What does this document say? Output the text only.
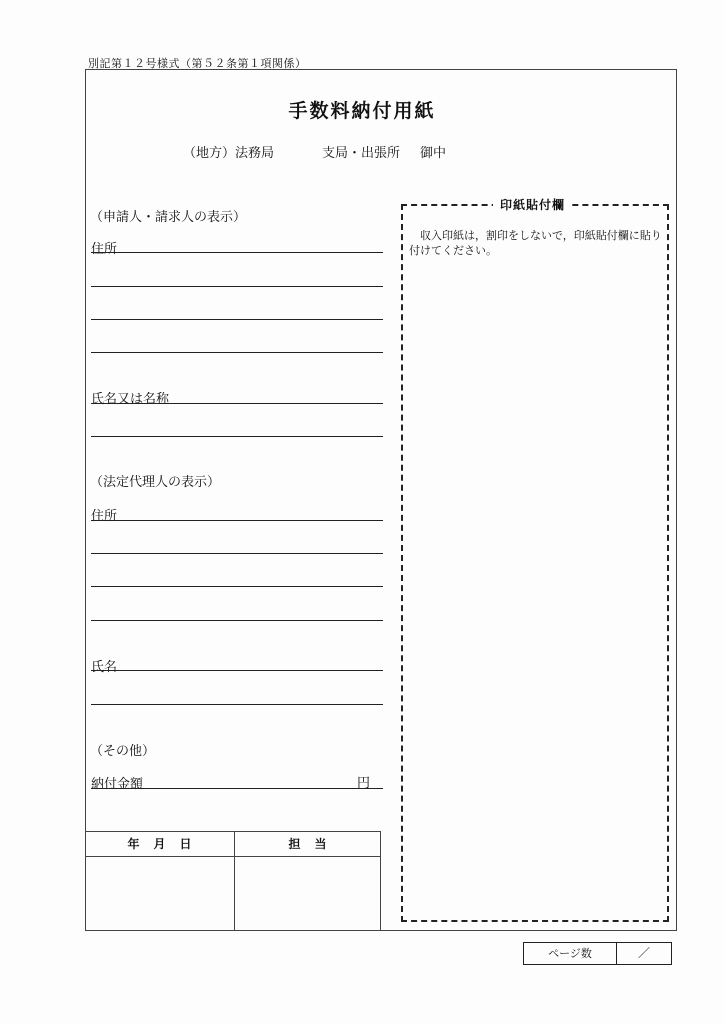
別記第１２号様式（第５２条第１項関係）
手数料納付用紙
（地方）法務局	支局・出張所 御中
（申請人・請求人の表示）
住所
氏名又は名称
（法定代理人の表示）
住所
氏名
（その他）
納付金額	円
年　月　日	担　当
印紙貼付欄
収入印紙は，割印をしないで，印紙貼付欄に貼り付けてください。
ページ数	／
